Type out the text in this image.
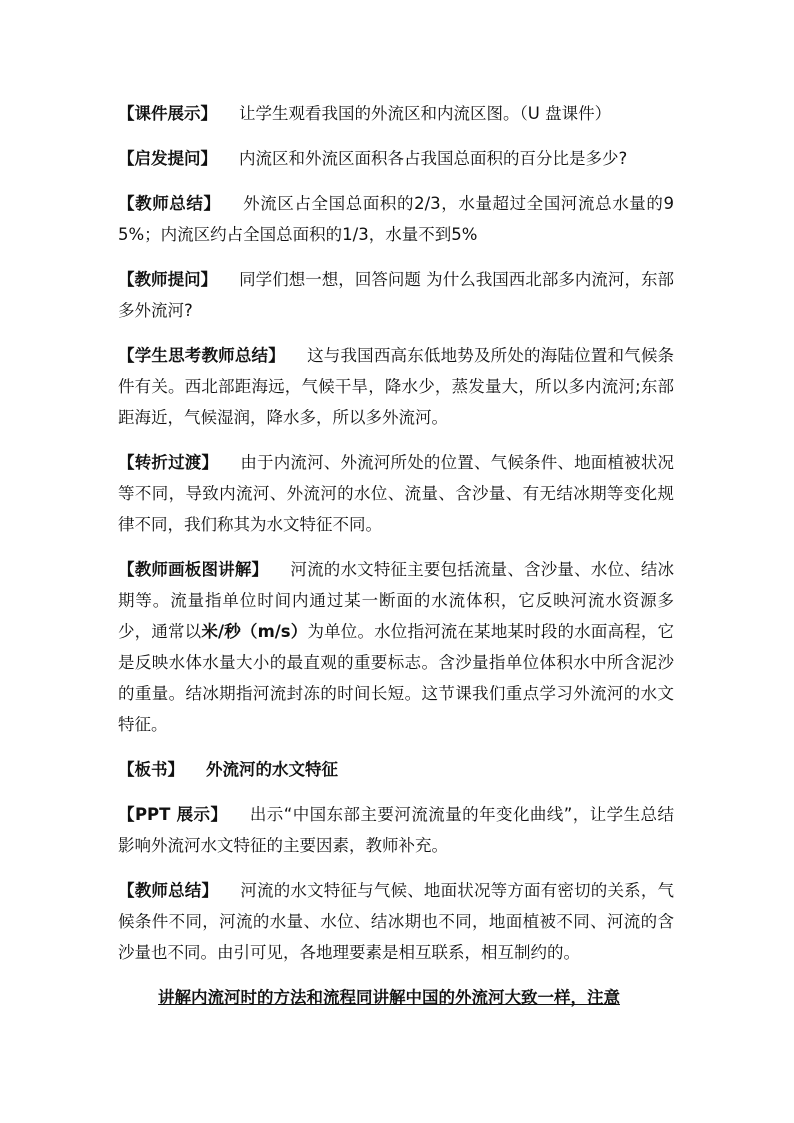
【课件展示】 让学生观看我国的外流区和内流区图。（U 盘课件）

【启发提问】 内流区和外流区面积各占我国总面积的百分比是多少?

【教师总结】 外流区占全国总面积的2/3，水量超过全国河流总水量的95%；内流区约占全国总面积的1/3，水量不到5%

【教师提问】 同学们想一想，回答问题 为什么我国西北部多内流河，东部多外流河?

【学生思考教师总结】 这与我国西高东低地势及所处的海陆位置和气候条件有关。西北部距海远，气候干旱，降水少，蒸发量大，所以多内流河;东部距海近，气候湿润，降水多，所以多外流河。

【转折过渡】 由于内流河、外流河所处的位置、气候条件、地面植被状况等不同，导致内流河、外流河的水位、流量、含沙量、有无结冰期等变化规律不同，我们称其为水文特征不同。

【教师画板图讲解】 河流的水文特征主要包括流量、含沙量、水位、结冰期等。流量指单位时间内通过某一断面的水流体积，它反映河流水资源多少，通常以米/秒（m/s）为单位。水位指河流在某地某时段的水面高程，它是反映水体水量大小的最直观的重要标志。含沙量指单位体积水中所含泥沙的重量。结冰期指河流封冻的时间长短。这节课我们重点学习外流河的水文特征。

【板书】 外流河的水文特征

【PPT 展示】 出示“中国东部主要河流流量的年变化曲线”，让学生总结影响外流河水文特征的主要因素，教师补充。

【教师总结】 河流的水文特征与气候、地面状况等方面有密切的关系，气候条件不同，河流的水量、水位、结冰期也不同，地面植被不同、河流的含沙量也不同。由引可见，各地理要素是相互联系，相互制约的。

讲解内流河时的方法和流程同讲解中国的外流河大致一样，注意
